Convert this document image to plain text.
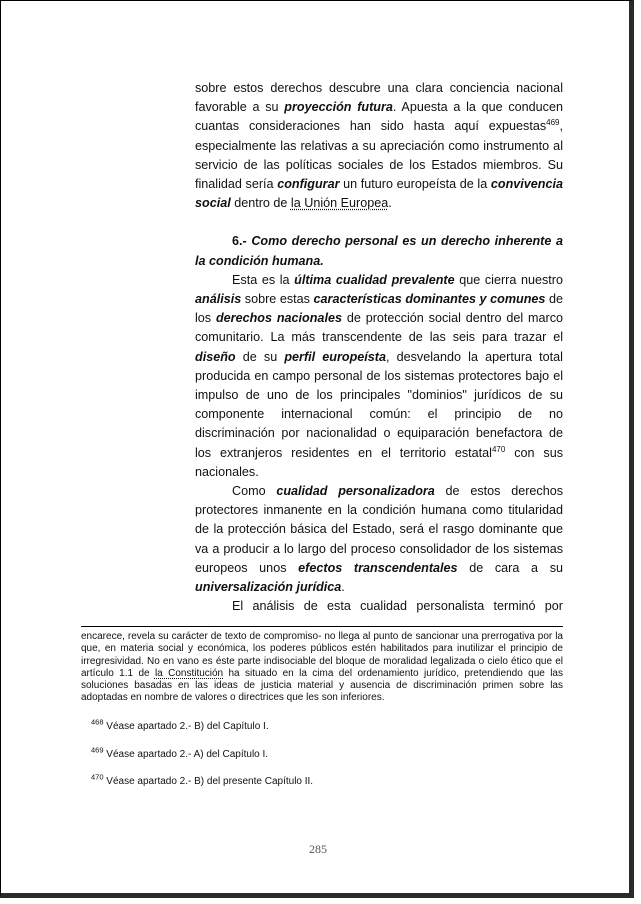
sobre estos derechos descubre una clara conciencia nacional favorable a su proyección futura. Apuesta a la que conducen cuantas consideraciones han sido hasta aquí expuestas$^{469}$, especialmente las relativas a su apreciación como instrumento al servicio de las políticas sociales de los Estados miembros. Su finalidad sería configurar un futuro europeísta de la convivencia social dentro de la Unión Europea.

6.- Como derecho personal es un derecho inherente a la condición humana.

Esta es la última cualidad prevalente que cierra nuestro análisis sobre estas características dominantes y comunes de los derechos nacionales de protección social dentro del marco comunitario. La más transcendente de las seis para trazar el diseño de su perfil europeísta, desvelando la apertura total producida en campo personal de los sistemas protectores bajo el impulso de uno de los principales "dominios" jurídicos de su componente internacional común: el principio de no discriminación por nacionalidad o equiparación benefactora de los extranjeros residentes en el territorio estatal$^{470}$ con sus nacionales.

Como cualidad personalizadora de estos derechos protectores inmanente en la condición humana como titularidad de la protección básica del Estado, será el rasgo dominante que va a producir a lo largo del proceso consolidador de los sistemas europeos unos efectos transcendentales de cara a su universalización jurídica.

El análisis de esta cualidad personalista terminó por

encarece, revela su carácter de texto de compromiso- no llega al punto de sancionar una prerrogativa por la que, en materia social y económica, los poderes públicos estén habilitados para inutilizar el principio de irregresividad. No en vano es éste parte indisociable del bloque de moralidad legalizada o cielo ético que el artículo 1.1 de la Constitución ha situado en la cima del ordenamiento jurídico, pretendiendo que las soluciones basadas en las ideas de justicia material y ausencia de discriminación primen sobre las adoptadas en nombre de valores o directrices que les son inferiores.

$^{468}$ Véase apartado 2.- B) del Capítulo I.

$^{469}$ Véase apartado 2.- A) del Capítulo I.

$^{470}$ Véase apartado 2.- B) del presente Capítulo II.

285
